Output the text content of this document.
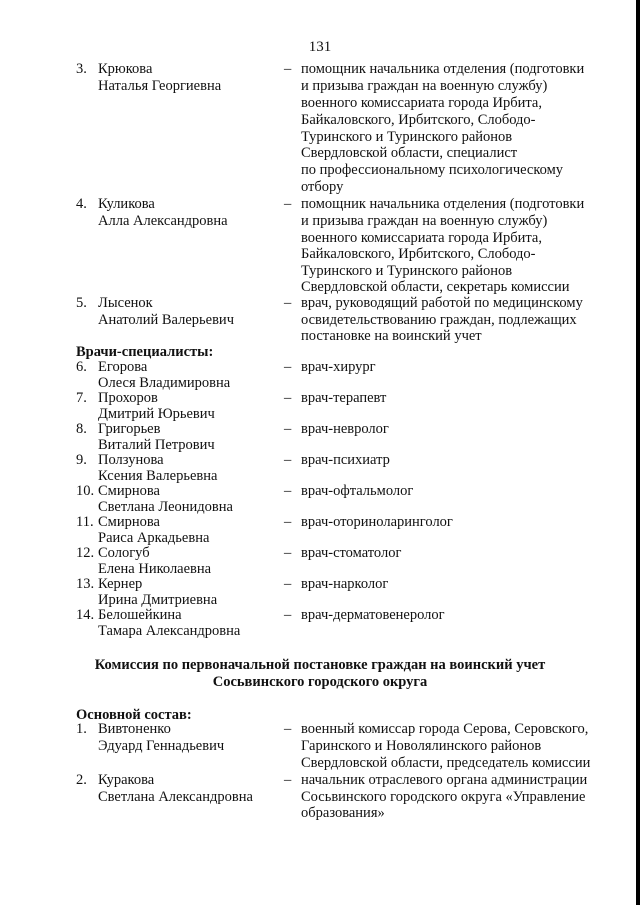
131
3. Крюкова
Наталья Георгиевна
– помощник начальника отделения (подготовки
и призыва граждан на военную службу)
военного комиссариата города Ирбита,
Байкаловского, Ирбитского, Слободо-
Туринского и Туринского районов
Свердловской области, специалист
по профессиональному психологическому
отбору
4. Куликова
Алла Александровна
– помощник начальника отделения (подготовки
и призыва граждан на военную службу)
военного комиссариата города Ирбита,
Байкаловского, Ирбитского, Слободо-
Туринского и Туринского районов
Свердловской области, секретарь комиссии
5. Лысенок
Анатолий Валерьевич
– врач, руководящий работой по медицинскому
освидетельствованию граждан, подлежащих
постановке на воинский учет
Врачи-специалисты:
6. Егорова
Олеся Владимировна
– врач-хирург
7. Прохоров
Дмитрий Юрьевич
– врач-терапевт
8. Григорьев
Виталий Петрович
– врач-невролог
9. Ползунова
Ксения Валерьевна
– врач-психиатр
10. Смирнова
Светлана Леонидовна
– врач-офтальмолог
11. Смирнова
Раиса Аркадьевна
– врач-оториноларинголог
12. Сологуб
Елена Николаевна
– врач-стоматолог
13. Кернер
Ирина Дмитриевна
– врач-нарколог
14. Белошейкина
Тамара Александровна
– врач-дерматовенеролог
Комиссия по первоначальной постановке граждан на воинский учет
Сосьвинского городского округа
Основной состав:
1. Вивтоненко
Эдуард Геннадьевич
– военный комиссар города Серова, Серовского,
Гаринского и Новолялинского районов
Свердловской области, председатель комиссии
2. Куракова
Светлана Александровна
– начальник отраслевого органа администрации
Сосьвинского городского округа «Управление
образования»
